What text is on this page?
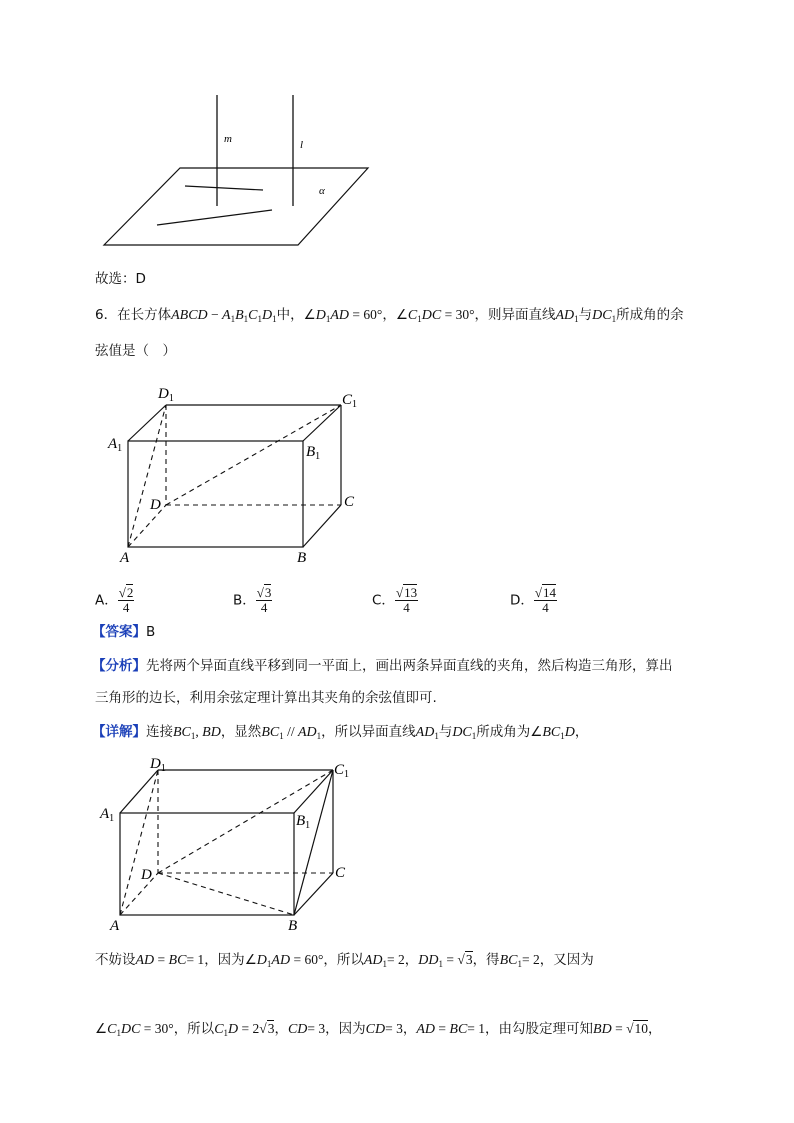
m	l
α
故选：D
6．在长方体ABCD − $A_1B_1C_1D_1$中，$\angle D_1AD = 60^\circ$，$\angle C_1DC = 30^\circ$，则异面直线$AD_1$与$DC_1$所成角的余
弦值是（　）
$D_1$	$C_1$
$A_1$	$B_1$
D	C
A	B
A． $\frac{√2}{4}$	B． $\frac{√3}{4}$	C． $\frac{√13}{4}$	D． $\frac{√14}{4}$
【答案】B
【分析】先将两个异面直线平移到同一平面上，画出两条异面直线的夹角，然后构造三角形，算出
三角形的边长，利用余弦定理计算出其夹角的余弦值即可.
【详解】连接$BC_1$, BD，显然$BC_1 // AD_1$，所以异面直线$AD_1$与$DC_1$所成角为$\angle BC_1D$，
$D_1$	$C_1$
$A_1$	$B_1$
D	C
A	B
不妨设AD = BC= 1，因为$\angle D_1AD = 60^\circ$，所以$AD_1= 2$，$DD_1 = √3$，得$BC_1= 2$，又因为
$\angle C_1DC = 30^\circ$，所以$C_1D = 2√3$，CD= 3，因为CD= 3，AD = BC= 1，由勾股定理可知BD = √10，
